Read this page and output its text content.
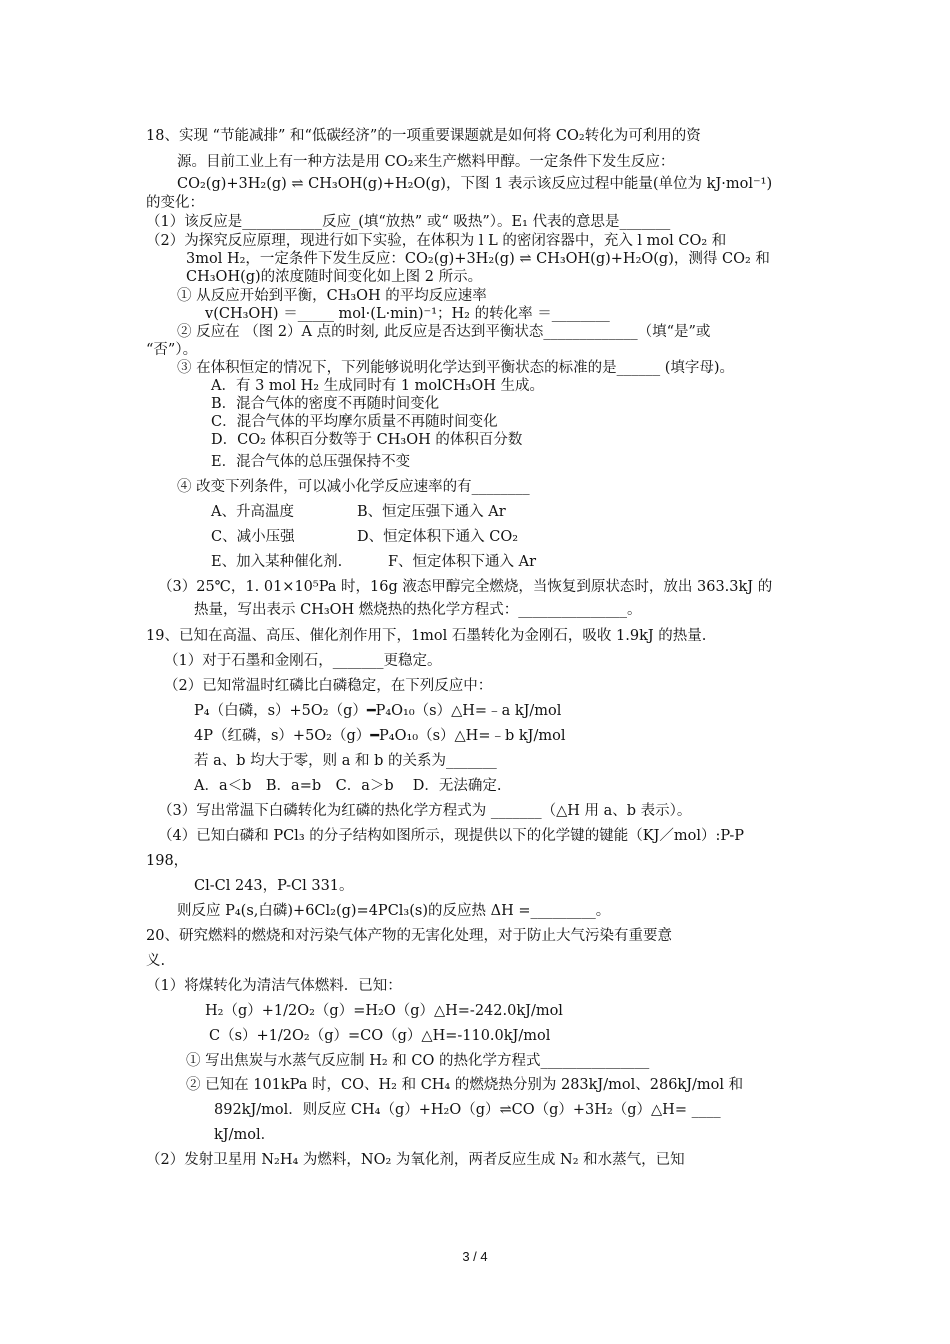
18、实现 “节能减排” 和“低碳经济”的一项重要课题就是如何将 CO₂转化为可利用的资
源。目前工业上有一种方法是用 CO₂来生产燃料甲醇。一定条件下发生反应：
CO₂(g)+3H₂(g) ⇌ CH₃OH(g)+H₂O(g)，下图 1 表示该反应过程中能量(单位为 kJ·mol⁻¹)
的变化：
（1）该反应是___________反应_(填“放热” 或“ 吸热”）。E₁ 代表的意思是_______
（2）为探究反应原理，现进行如下实验，在体积为 l L 的密闭容器中，充入 l mol CO₂ 和
3mol H₂，一定条件下发生反应：CO₂(g)+3H₂(g) ⇌ CH₃OH(g)+H₂O(g)，测得 CO₂ 和
CH₃OH(g)的浓度随时间变化如上图 2 所示。
① 从反应开始到平衡，CH₃OH 的平均反应速率
v(CH₃OH) ＝_____ mol·(L·min)⁻¹；H₂ 的转化率 ＝________
② 反应在 （图 2）A 点的时刻, 此反应是否达到平衡状态_____________（填“是”或
“否”）。
③ 在体积恒定的情况下，下列能够说明化学达到平衡状态的标准的是______ (填字母)。
A．有 3 mol H₂ 生成同时有 1 molCH₃OH 生成。
B．混合气体的密度不再随时间变化
C．混合气体的平均摩尔质量不再随时间变化
D．CO₂ 体积百分数等于 CH₃OH 的体积百分数
E．混合气体的总压强保持不变
④ 改变下列条件，可以减小化学反应速率的有________
A、升高温度	B、恒定压强下通入 Ar
C、减小压强	D、恒定体积下通入 CO₂
E、加入某种催化剂.	F、恒定体积下通入 Ar
（3）25℃，1. 01×10⁵Pa 时，16g 液态甲醇完全燃烧，当恢复到原状态时，放出 363.3kJ 的
热量，写出表示 CH₃OH 燃烧热的热化学方程式：_______________。
19、已知在高温、高压、催化剂作用下，1mol 石墨转化为金刚石，吸收 1.9kJ 的热量.
（1）对于石墨和金刚石，_______更稳定。
（2）已知常温时红磷比白磷稳定，在下列反应中：
P₄（白磷，s）+5O₂（g）━P₄O₁₀（s）△H=﹣a kJ/mol
4P（红磷，s）+5O₂（g）━P₄O₁₀（s）△H=﹣b kJ/mol
若 a、b 均大于零，则 a 和 b 的关系为_______
A．a＜b　B．a=b　C．a＞b　 D．无法确定.
（3）写出常温下白磷转化为红磷的热化学方程式为 _______（△H 用 a、b 表示）。
（4）已知白磷和 PCl₃ 的分子结构如图所示，现提供以下的化学键的键能（KJ／mol）:P-P
198，
Cl-Cl 243，P-Cl 331。
则反应 P₄(s,白磷)+6Cl₂(g)=4PCl₃(s)的反应热 ΔH =_________。
20、研究燃料的燃烧和对污染气体产物的无害化处理，对于防止大气污染有重要意
义.
（1）将煤转化为清洁气体燃料．已知：
H₂（g）+1/2O₂（g）=H₂O（g）△H=-242.0kJ/mol
C（s）+1/2O₂（g）=CO（g）△H=-110.0kJ/mol
① 写出焦炭与水蒸气反应制 H₂ 和 CO 的热化学方程式_______________
② 已知在 101kPa 时，CO、H₂ 和 CH₄ 的燃烧热分别为 283kJ/mol、286kJ/mol 和
892kJ/mol．则反应 CH₄（g）+H₂O（g）⇌CO（g）+3H₂（g）△H= ____
kJ/mol．
（2）发射卫星用 N₂H₄ 为燃料，NO₂ 为氧化剂，两者反应生成 N₂ 和水蒸气，已知
3 / 4
